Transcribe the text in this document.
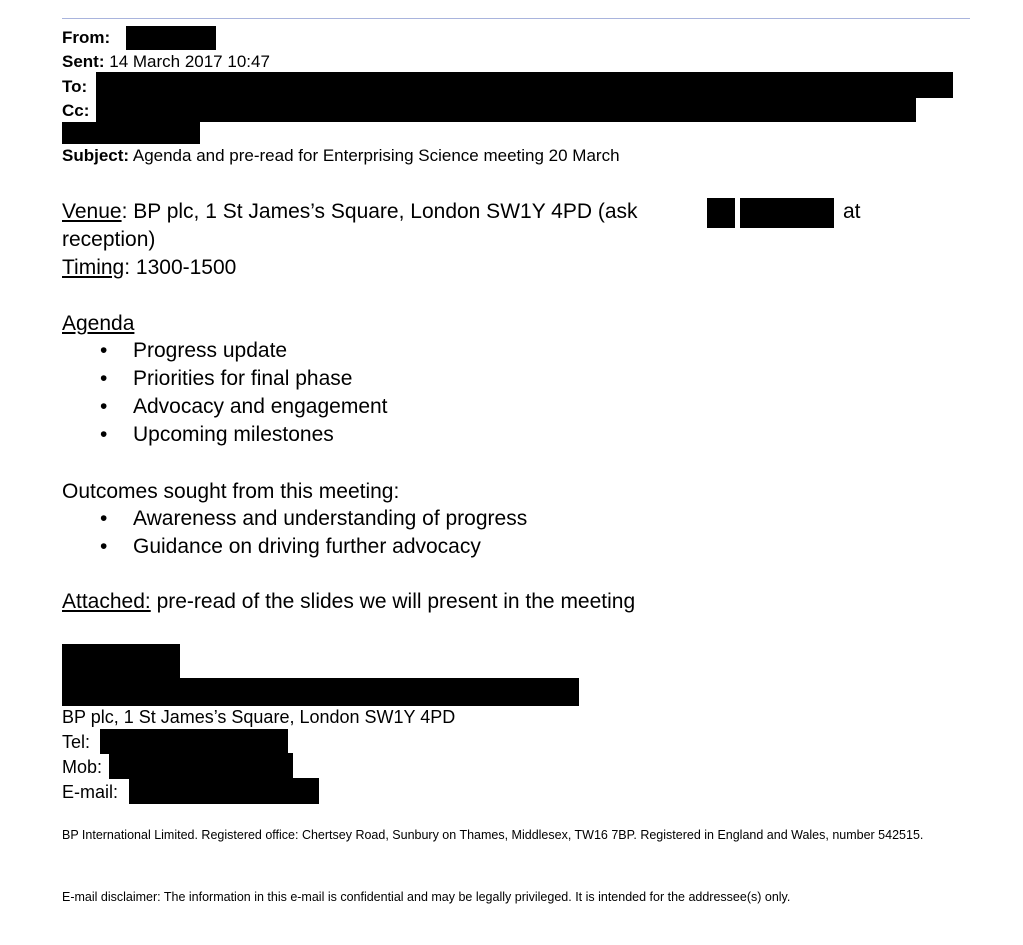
From:
Sent: 14 March 2017 10:47
To:
Cc:
Subject: Agenda and pre-read for Enterprising Science meeting 20 March
Venue: BP plc, 1 St James’s Square, London SW1Y 4PD (ask	at
reception)
Timing: 1300-1500
Agenda
• Progress update
• Priorities for final phase
• Advocacy and engagement
• Upcoming milestones
Outcomes sought from this meeting:
• Awareness and understanding of progress
• Guidance on driving further advocacy
Attached: pre-read of the slides we will present in the meeting
BP plc, 1 St James’s Square, London SW1Y 4PD
Tel:
Mob:
E-mail:
BP International Limited. Registered office: Chertsey Road, Sunbury on Thames, Middlesex, TW16 7BP. Registered in England and Wales, number 542515.
E-mail disclaimer: The information in this e-mail is confidential and may be legally privileged. It is intended for the addressee(s) only.
